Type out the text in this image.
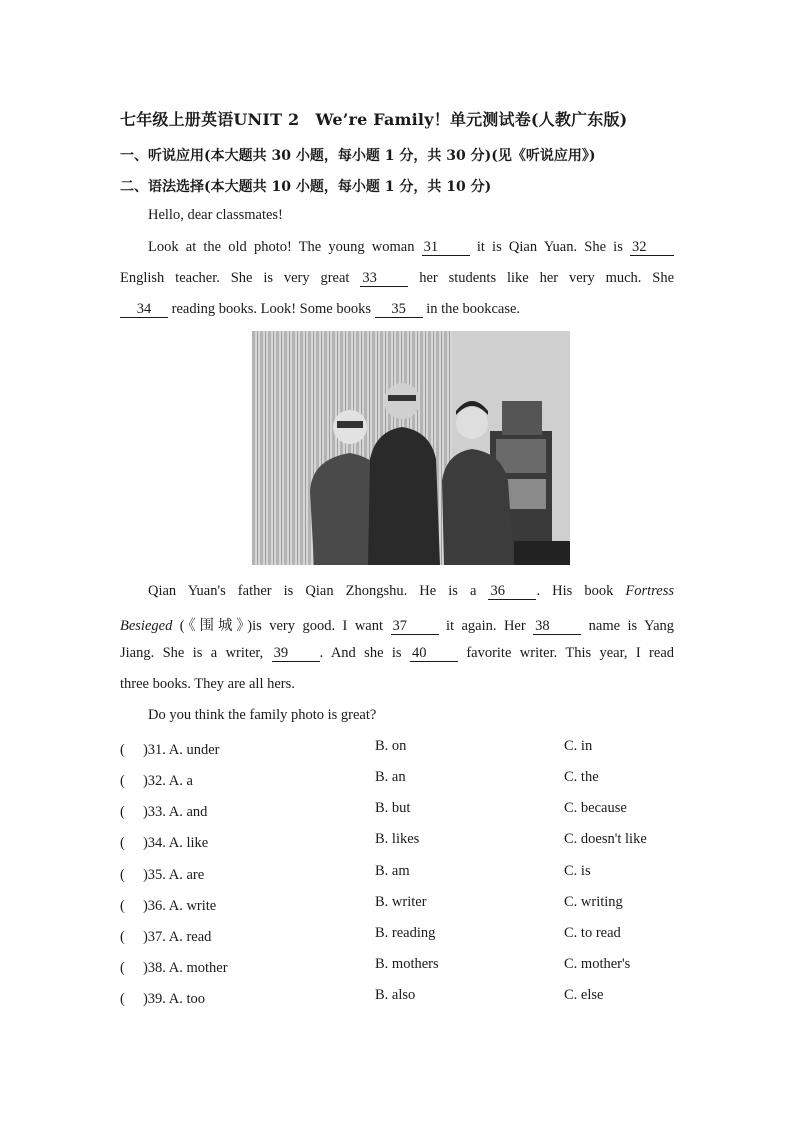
七年级上册英语UNIT 2　We’re Family！单元测试卷(人教广东版)
一、听说应用(本大题共 30 小题，每小题 1 分，共 30 分)(见《听说应用》)
二、语法选择(本大题共 10 小题，每小题 1 分，共 10 分)
Hello, dear classmates!
Look at the old photo! The young woman 31	it is Qian Yuan. She is 32
English teacher. She is very great 33	her students like her very much. She
34 reading books. Look! Some books 35 in the bookcase.
Qian Yuan's father is Qian Zhongshu. He is a 36 . His book Fortress
Besieged (《围城》)is very good. I want 37	it again. Her 38	name is Yang
Jiang. She is a writer, 39 . And she is 40	favorite writer. This year, I read
three books. They are all hers.
Do you think the family photo is great?
( 　)31. A. under	B. on	C. in
( 　)32. A. a	B. an	C. the
( 　)33. A. and	B. but	C. because
( 　)34. A. like	B. likes	C. doesn't like
( 　)35. A. are	B. am	C. is
( 　)36. A. write	B. writer	C. writing
( 　)37. A. read	B. reading	C. to read
( 　)38. A. mother	B. mothers	C. mother's
( 　)39. A. too	B. also	C. else
